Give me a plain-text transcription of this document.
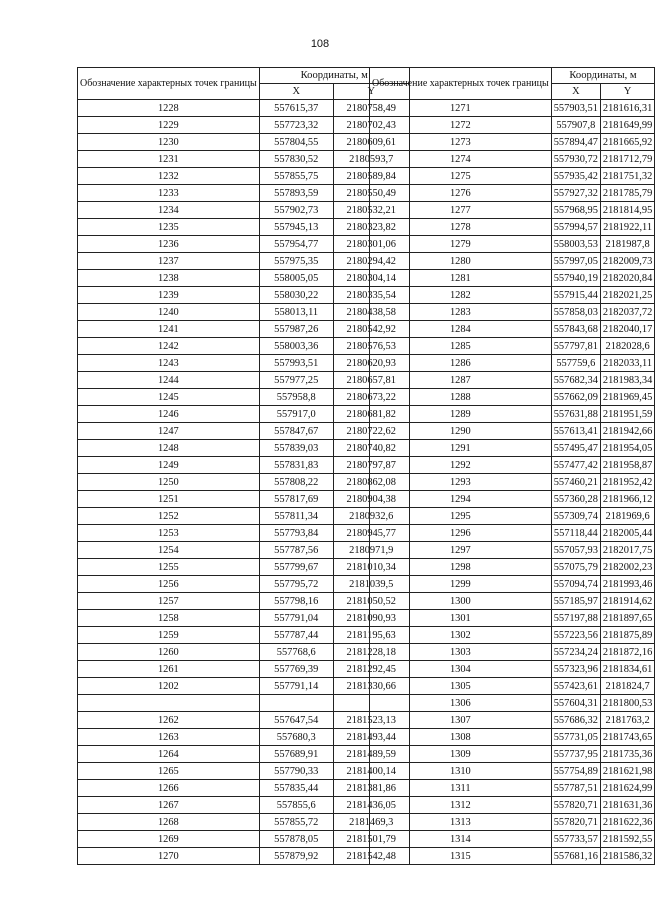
108
Обозначение характерных точек границы	Координаты, м	
	X	Y
1228	557615,37	2180758,49
1229	557723,32	2180702,43
1230	557804,55	2180609,61
1231	557830,52	2180593,7
1232	557855,75	2180589,84
1233	557893,59	2180550,49
1234	557902,73	2180532,21
1235	557945,13	2180323,82
1236	557954,77	2180301,06
1237	557975,35	2180294,42
1238	558005,05	2180304,14
1239	558030,22	2180335,54
1240	558013,11	2180438,58
1241	557987,26	2180542,92
1242	558003,36	2180576,53
1243	557993,51	2180620,93
1244	557977,25	2180657,81
1245	557958,8	2180673,22
1246	557917,0	2180681,82
1247	557847,67	2180722,62
1248	557839,03	2180740,82
1249	557831,83	2180797,87
1250	557808,22	2180862,08
1251	557817,69	2180904,38
1252	557811,34	2180932,6
1253	557793,84	2180945,77
1254	557787,56	2180971,9
1255	557799,67	2181010,34
1256	557795,72	2181039,5
1257	557798,16	2181050,52
1258	557791,04	2181090,93
1259	557787,44	2181195,63
1260	557768,6	2181228,18
1261	557769,39	2181292,45
1202	557791,14	2181330,66

1262	557647,54	2181523,13
1263	557680,3	2181493,44
1264	557689,91	2181489,59
1265	557790,33	2181400,14
1266	557835,44	2181381,86
1267	557855,6	2181436,05
1268	557855,72	2181469,3
1269	557878,05	2181501,79
1270	557879,92	2181542,48
Обозначение характерных точек границы	Координаты, м	
	X	Y
1271	557903,51	2181616,31
1272	557907,8	2181649,99
1273	557894,47	2181665,92
1274	557930,72	2181712,79
1275	557935,42	2181751,32
1276	557927,32	2181785,79
1277	557968,95	2181814,95
1278	557994,57	2181922,11
1279	558003,53	2181987,8
1280	557997,05	2182009,73
1281	557940,19	2182020,84
1282	557915,44	2182021,25
1283	557858,03	2182037,72
1284	557843,68	2182040,17
1285	557797,81	2182028,6
1286	557759,6	2182033,11
1287	557682,34	2181983,34
1288	557662,09	2181969,45
1289	557631,88	2181951,59
1290	557613,41	2181942,66
1291	557495,47	2181954,05
1292	557477,42	2181958,87
1293	557460,21	2181952,42
1294	557360,28	2181966,12
1295	557309,74	2181969,6
1296	557118,44	2182005,44
1297	557057,93	2182017,75
1298	557075,79	2182002,23
1299	557094,74	2181993,46
1300	557185,97	2181914,62
1301	557197,88	2181897,65
1302	557223,56	2181875,89
1303	557234,24	2181872,16
1304	557323,96	2181834,61
1305	557423,61	2181824,7
1306	557604,31	2181800,53
1307	557686,32	2181763,2
1308	557731,05	2181743,65
1309	557737,95	2181735,36
1310	557754,89	2181621,98
1311	557787,51	2181624,99
1312	557820,71	2181631,36
1313	557820,71	2181622,36
1314	557733,57	2181592,55
1315	557681,16	2181586,32
